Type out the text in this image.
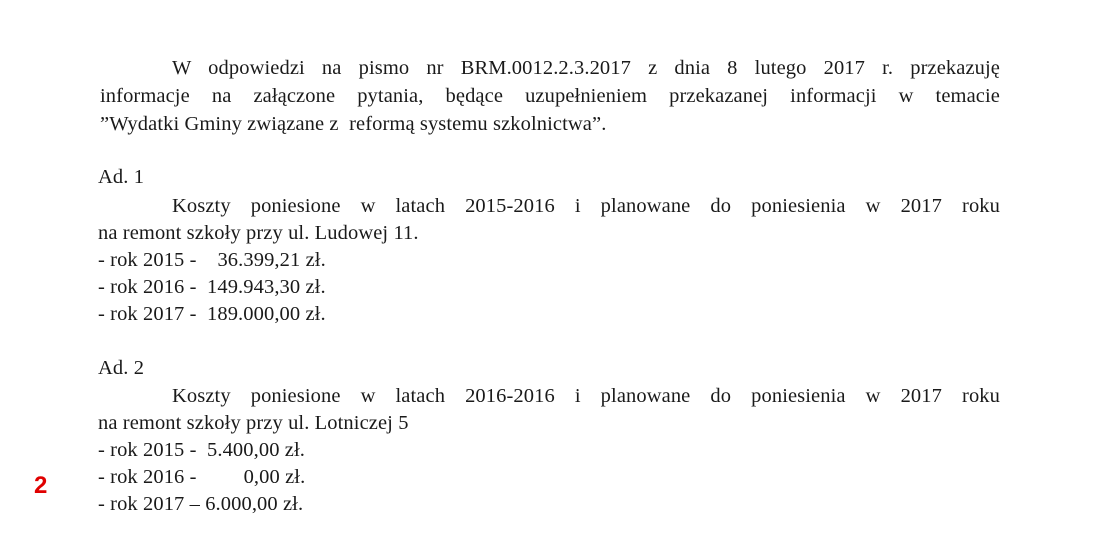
W odpowiedzi na pismo nr BRM.0012.2.3.2017 z dnia 8 lutego 2017 r. przekazuję
informacje na załączone pytania, będące uzupełnieniem przekazanej informacji w temacie
”Wydatki Gminy związane z  reformą systemu szkolnictwa”.
Ad. 1
Koszty poniesione w latach 2015-2016 i planowane do poniesienia w 2017 roku
na remont szkoły przy ul. Ludowej 11.
- rok 2015 -    36.399,21 zł.
- rok 2016 -  149.943,30 zł.
- rok 2017 -  189.000,00 zł.
Ad. 2
Koszty poniesione w latach 2016-2016 i planowane do poniesienia w 2017 roku
na remont szkoły przy ul. Lotniczej 5
- rok 2015 -  5.400,00 zł.
- rok 2016 -         0,00 zł.
- rok 2017 – 6.000,00 zł.
2
